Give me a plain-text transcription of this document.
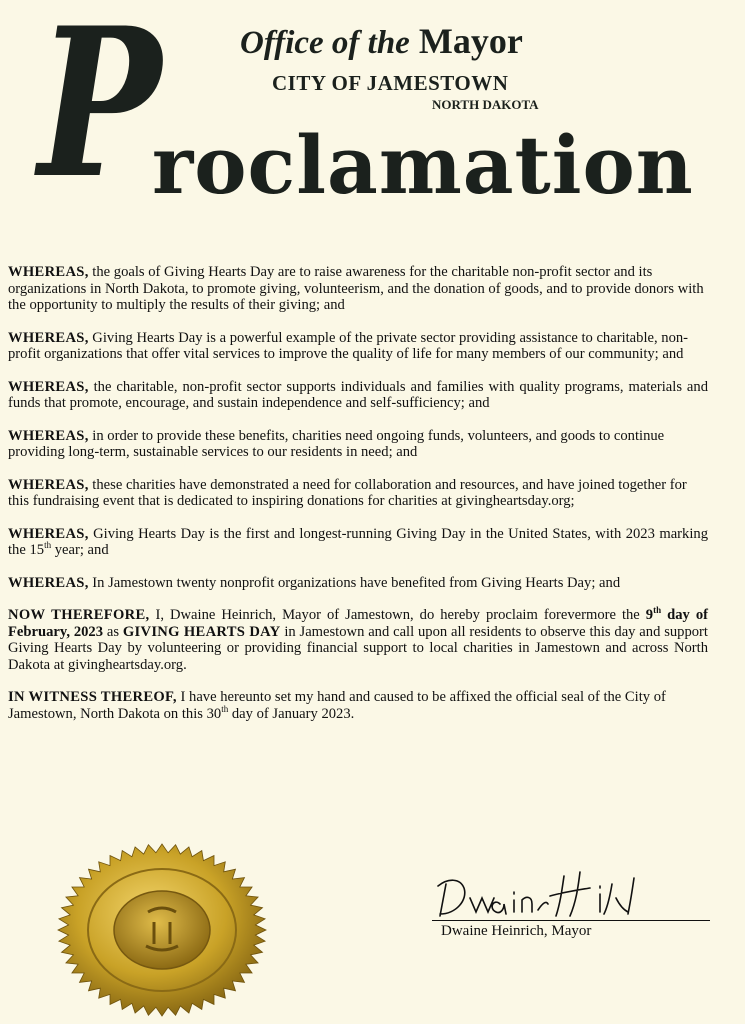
P Office of the Mayor
CITY OF JAMESTOWN
NORTH DAKOTA
roclamation

WHEREAS, the goals of Giving Hearts Day are to raise awareness for the charitable non-profit sector and its organizations in North Dakota, to promote giving, volunteerism, and the donation of goods, and to provide donors with the opportunity to multiply the results of their giving; and

WHEREAS, Giving Hearts Day is a powerful example of the private sector providing assistance to charitable, non-profit organizations that offer vital services to improve the quality of life for many members of our community; and

WHEREAS, the charitable, non-profit sector supports individuals and families with quality programs, materials and funds that promote, encourage, and sustain independence and self-sufficiency; and

WHEREAS, in order to provide these benefits, charities need ongoing funds, volunteers, and goods to continue providing long-term, sustainable services to our residents in need; and

WHEREAS, these charities have demonstrated a need for collaboration and resources, and have joined together for this fundraising event that is dedicated to inspiring donations for charities at givingheartsday.org;

WHEREAS, Giving Hearts Day is the first and longest-running Giving Day in the United States, with 2023 marking the 15th year; and

WHEREAS, In Jamestown twenty nonprofit organizations have benefited from Giving Hearts Day; and

NOW THEREFORE, I, Dwaine Heinrich, Mayor of Jamestown, do hereby proclaim forevermore the 9th day of February, 2023 as GIVING HEARTS DAY in Jamestown and call upon all residents to observe this day and support Giving Hearts Day by volunteering or providing financial support to local charities in Jamestown and across North Dakota at givingheartsday.org.

IN WITNESS THEREOF, I have hereunto set my hand and caused to be affixed the official seal of the City of Jamestown, North Dakota on this 30th day of January 2023.

Dwaine Heinrich, Mayor
